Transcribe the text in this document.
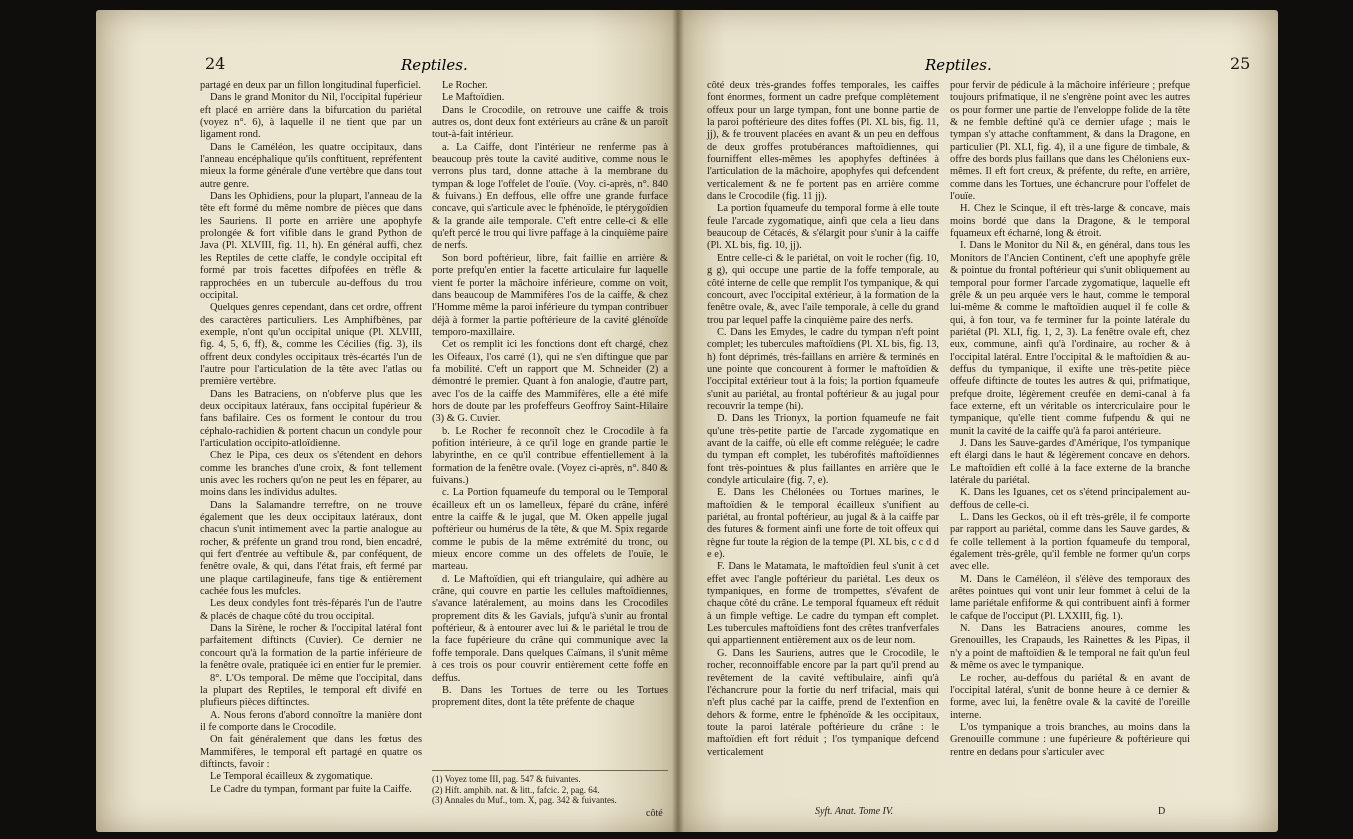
24	Reptiles.

partagé en deux par un fillon longitudinal fuperficiel.

Dans le grand Monitor du Nil, l'occipital fupérieur eft placé en arrière dans la bifurcation du pariétal (voyez n°. 6), à laquelle il ne tient que par un ligament rond.

Dans le Caméléon, les quatre occipitaux, dans l'anneau encéphalique qu'ils conftituent, repréfentent mieux la forme générale d'une vertèbre que dans tout autre genre.

Dans les Ophidiens, pour la plupart, l'anneau de la tête eft formé du même nombre de pièces que dans les Sauriens. Il porte en arrière une apophyfe prolongée & fort vifible dans le grand Python de Java (Pl. XLVIII, fig. 11, h). En général auffi, chez les Reptiles de cette claffe, le condyle occipital eft formé par trois facettes difpofées en trèfle & rapprochées en un tubercule au-deffous du trou occipital.

Quelques genres cependant, dans cet ordre, offrent des caractères particuliers. Les Amphifbènes, par exemple, n'ont qu'un occipital unique (Pl. XLVIII, fig. 4, 5, 6, ff), &, comme les Cécilies (fig. 3), ils offrent deux condyles occipitaux très-écartés l'un de l'autre pour l'articulation de la tête avec l'atlas ou première vertèbre.

Dans les Batraciens, on n'obferve plus que les deux occipitaux latéraux, fans occipital fupérieur & fans bafilaire. Ces os forment le contour du trou céphalo-rachidien & portent chacun un condyle pour l'articulation occipito-atloïdienne.

Chez le Pipa, ces deux os s'étendent en dehors comme les branches d'une croix, & font tellement unis avec les rochers qu'on ne peut les en féparer, au moins dans les individus adultes.

Dans la Salamandre terreftre, on ne trouve également que les deux occipitaux latéraux, dont chacun s'unit intimement avec la partie analogue au rocher, & préfente un grand trou rond, bien encadré, qui fert d'entrée au veftibule &, par conféquent, de fenêtre ovale, & qui, dans l'état frais, eft fermé par une plaque cartilagineufe, fans tige & entièrement cachée fous les mufcles.

Les deux condyles font très-féparés l'un de l'autre & placés de chaque côté du trou occipital.

Dans la Sirène, le rocher & l'occipital latéral font parfaitement diftincts (Cuvier). Ce dernier ne concourt qu'à la formation de la partie inférieure de la fenêtre ovale, pratiquée ici en entier fur le premier.

8°. L'Os temporal. De même que l'occipital, dans la plupart des Reptiles, le temporal eft divifé en plufieurs pièces diftinctes.

A. Nous ferons d'abord connoître la manière dont il fe comporte dans le Crocodile.

On fait généralement que dans les fœtus des Mammifères, le temporal eft partagé en quatre os diftincts, favoir :

Le Temporal écailleux & zygomatique.

Le Cadre du tympan, formant par fuite la Caiffe.

Le Rocher.

Le Maftoïdien.

Dans le Crocodile, on retrouve une caiffe & trois autres os, dont deux font extérieurs au crâne & un paroît tout-à-fait intérieur.

a. La Caiffe, dont l'intérieur ne renferme pas à beaucoup près toute la cavité auditive, comme nous le verrons plus tard, donne attache à la membrane du tympan & loge l'offelet de l'ouïe. (Voy. ci-après, n°. 840 & fuivans.) En deffous, elle offre une grande furface concave, qui s'articule avec le fphénoïde, le ptérygoïdien & la grande aile temporale. C'eft entre celle-ci & elle qu'eft percé le trou qui livre paffage à la cinquième paire de nerfs.

Son bord poftérieur, libre, fait faillie en arrière & porte prefqu'en entier la facette articulaire fur laquelle vient fe porter la mâchoire inférieure, comme on voit, dans beaucoup de Mammifères l'os de la caiffe, & chez l'Homme même la paroi inférieure du tympan contribuer déjà à former la partie poftérieure de la cavité glénoïde temporo-maxillaire.

Cet os remplit ici les fonctions dont eft chargé, chez les Oifeaux, l'os carré (1), qui ne s'en diftingue que par fa mobilité. C'eft un rapport que M. Schneider (2) a démontré le premier. Quant à fon analogie, d'autre part, avec l'os de la caiffe des Mammifères, elle a été mife hors de doute par les profeffeurs Geoffroy Saint-Hilaire (3) & G. Cuvier.

b. Le Rocher fe reconnoît chez le Crocodile à fa pofition intérieure, à ce qu'il loge en grande partie le labyrinthe, en ce qu'il contribue effentiellement à la formation de la fenêtre ovale. (Voyez ci-après, n°. 840 & fuivans.)

c. La Portion fquameufe du temporal ou le Temporal écailleux eft un os lamelleux, féparé du crâne, inféré entre la caiffe & le jugal, que M. Oken appelle jugal poftérieur ou humérus de la tête, & que M. Spix regarde comme le pubis de la même extrémité du tronc, ou mieux encore comme un des offelets de l'ouïe, le marteau.

d. Le Maftoïdien, qui eft triangulaire, qui adhère au crâne, qui couvre en partie les cellules maftoïdiennes, s'avance latéralement, au moins dans les Crocodiles proprement dits & les Gavials, jufqu'à s'unir au frontal poftérieur, & à entourer avec lui & le pariétal le trou de la face fupérieure du crâne qui communique avec la foffe temporale. Dans quelques Caïmans, il s'unit même à ces trois os pour couvrir entièrement cette foffe en deffus.

B. Dans les Tortues de terre ou les Tortues proprement dites, dont la tête préfente de chaque

(1) Voyez tome III, pag. 547 & fuivantes.
(2) Hift. amphib. nat. & litt., fafcic. 2, pag. 64.
(3) Annales du Muf., tom. X, pag. 342 & fuivantes.
côté
Reptiles.	25

côté deux très-grandes foffes temporales, les caiffes font énormes, forment un cadre prefque complètement offeux pour un large tympan, font une bonne partie de la paroi poftérieure des dites foffes (Pl. XL bis, fig. 11, jj), & fe trouvent placées en avant & un peu en deffous de deux groffes protubérances maftoïdiennes, qui fourniffent elles-mêmes les apophyfes deftinées à l'articulation de la mâchoire, apophyfes qui defcendent verticalement & ne fe portent pas en arrière comme dans le Crocodile (fig. 11 jj).

La portion fquameufe du temporal forme à elle toute feule l'arcade zygomatique, ainfi que cela a lieu dans beaucoup de Cétacés, & s'élargit pour s'unir à la caiffe (Pl. XL bis, fig. 10, jj).

Entre celle-ci & le pariétal, on voit le rocher (fig. 10, g g), qui occupe une partie de la foffe temporale, au côté interne de celle que remplit l'os tympanique, & qui concourt, avec l'occipital extérieur, à la formation de la fenêtre ovale, &, avec l'aile temporale, à celle du grand trou par lequel paffe la cinquième paire des nerfs.

C. Dans les Emydes, le cadre du tympan n'eft point complet; les tubercules maftoïdiens (Pl. XL bis, fig. 13, h) font déprimés, très-faillans en arrière & terminés en une pointe que concourent à former le maftoïdien & l'occipital extérieur tout à la fois; la portion fquameufe s'unit au pariétal, au frontal poftérieur & au jugal pour recouvrir la tempe (hi).

D. Dans les Trionyx, la portion fquameufe ne fait qu'une très-petite partie de l'arcade zygomatique en avant de la caiffe, où elle eft comme reléguée; le cadre du tympan eft complet, les tubérofités maftoïdiennes font très-pointues & plus faillantes en arrière que le condyle articulaire (fig. 7, e).

E. Dans les Chélonées ou Tortues marines, le maftoïdien & le temporal écailleux s'unifient au pariétal, au frontal poftérieur, au jugal & à la caiffe par des futures & forment ainfi une forte de toit offeux qui règne fur toute la région de la tempe (Pl. XL bis, c c d d e e).

F. Dans le Matamata, le maftoïdien feul s'unit à cet effet avec l'angle poftérieur du pariétal. Les deux os tympaniques, en forme de trompettes, s'évafent de chaque côté du crâne. Le temporal fquameux eft réduit à un fimple veftige. Le cadre du tympan eft complet. Les tubercules maftoïdiens font des crêtes tranfverfales qui appartiennent entièrement aux os de leur nom.

G. Dans les Sauriens, autres que le Crocodile, le rocher, reconnoiffable encore par la part qu'il prend au revêtement de la cavité veftibulaire, ainfi qu'à l'échancrure pour la fortie du nerf trifacial, mais qui n'eft plus caché par la caiffe, prend de l'extenfion en dehors & forme, entre le fphénoïde & les occipitaux, toute la paroi latérale poftérieure du crâne : le maftoïdien eft fort réduit ; l'os tympanique defcend verticalement

pour fervir de pédicule à la mâchoire inférieure ; prefque toujours prifmatique, il ne s'engrène point avec les autres os pour former une partie de l'enveloppe folide de la tête & ne femble deftiné qu'à ce dernier ufage ; mais le tympan s'y attache conftamment, & dans la Dragone, en particulier (Pl. XLI, fig. 4), il a une figure de timbale, & offre des bords plus faillans que dans les Chéloniens eux-mêmes. Il eft fort creux, & préfente, du refte, en arrière, comme dans les Tortues, une échancrure pour l'offelet de l'ouïe.

H. Chez le Scinque, il eft très-large & concave, mais moins bordé que dans la Dragone, & le temporal fquameux eft écharné, long & étroit.

I. Dans le Monitor du Nil &, en général, dans tous les Monitors de l'Ancien Continent, c'eft une apophyfe grêle & pointue du frontal poftérieur qui s'unit obliquement au temporal pour former l'arcade zygomatique, laquelle eft grêle & un peu arquée vers le haut, comme le temporal lui-même & comme le maftoïdien auquel il fe colle & qui, à fon tour, va fe terminer fur la pointe latérale du pariétal (Pl. XLI, fig. 1, 2, 3). La fenêtre ovale eft, chez eux, commune, ainfi qu'à l'ordinaire, au rocher & à l'occipital latéral. Entre l'occipital & le maftoïdien & au-deffus du tympanique, il exifte une très-petite pièce offeufe diftincte de toutes les autres & qui, prifmatique, prefque droite, légèrement creufée en demi-canal à fa face externe, eft un véritable os intercriculaire pour le tympanique, qu'elle tient comme fufpendu & qui ne munit la cavité de la caiffe qu'à fa paroi antérieure.

J. Dans les Sauve-gardes d'Amérique, l'os tympanique eft élargi dans le haut & légèrement concave en dehors. Le maftoïdien eft collé à la face externe de la branche latérale du pariétal.

K. Dans les Iguanes, cet os s'étend principalement au-deffous de celle-ci.

L. Dans les Geckos, où il eft très-grêle, il fe comporte par rapport au pariétal, comme dans les Sauve gardes, & fe colle tellement à la portion fquameufe du temporal, également très-grêle, qu'il femble ne former qu'un corps avec elle.

M. Dans le Caméléon, il s'élève des temporaux des arêtes pointues qui vont unir leur fommet à celui de la lame pariétale enfiforme & qui contribuent ainfi à former le cafque de l'occiput (Pl. LXXIII, fig. 1).

N. Dans les Batraciens anoures, comme les Grenouilles, les Crapauds, les Rainettes & les Pipas, il n'y a point de maftoïdien & le temporal ne fait qu'un feul & même os avec le tympanique.

Le rocher, au-deffous du pariétal & en avant de l'occipital latéral, s'unit de bonne heure à ce dernier & forme, avec lui, la fenêtre ovale & la cavité de l'oreille interne.

L'os tympanique a trois branches, au moins dans la Grenouille commune : une fupérieure & poftérieure qui rentre en dedans pour s'articuler avec

Syft. Anat. Tome IV.	D
